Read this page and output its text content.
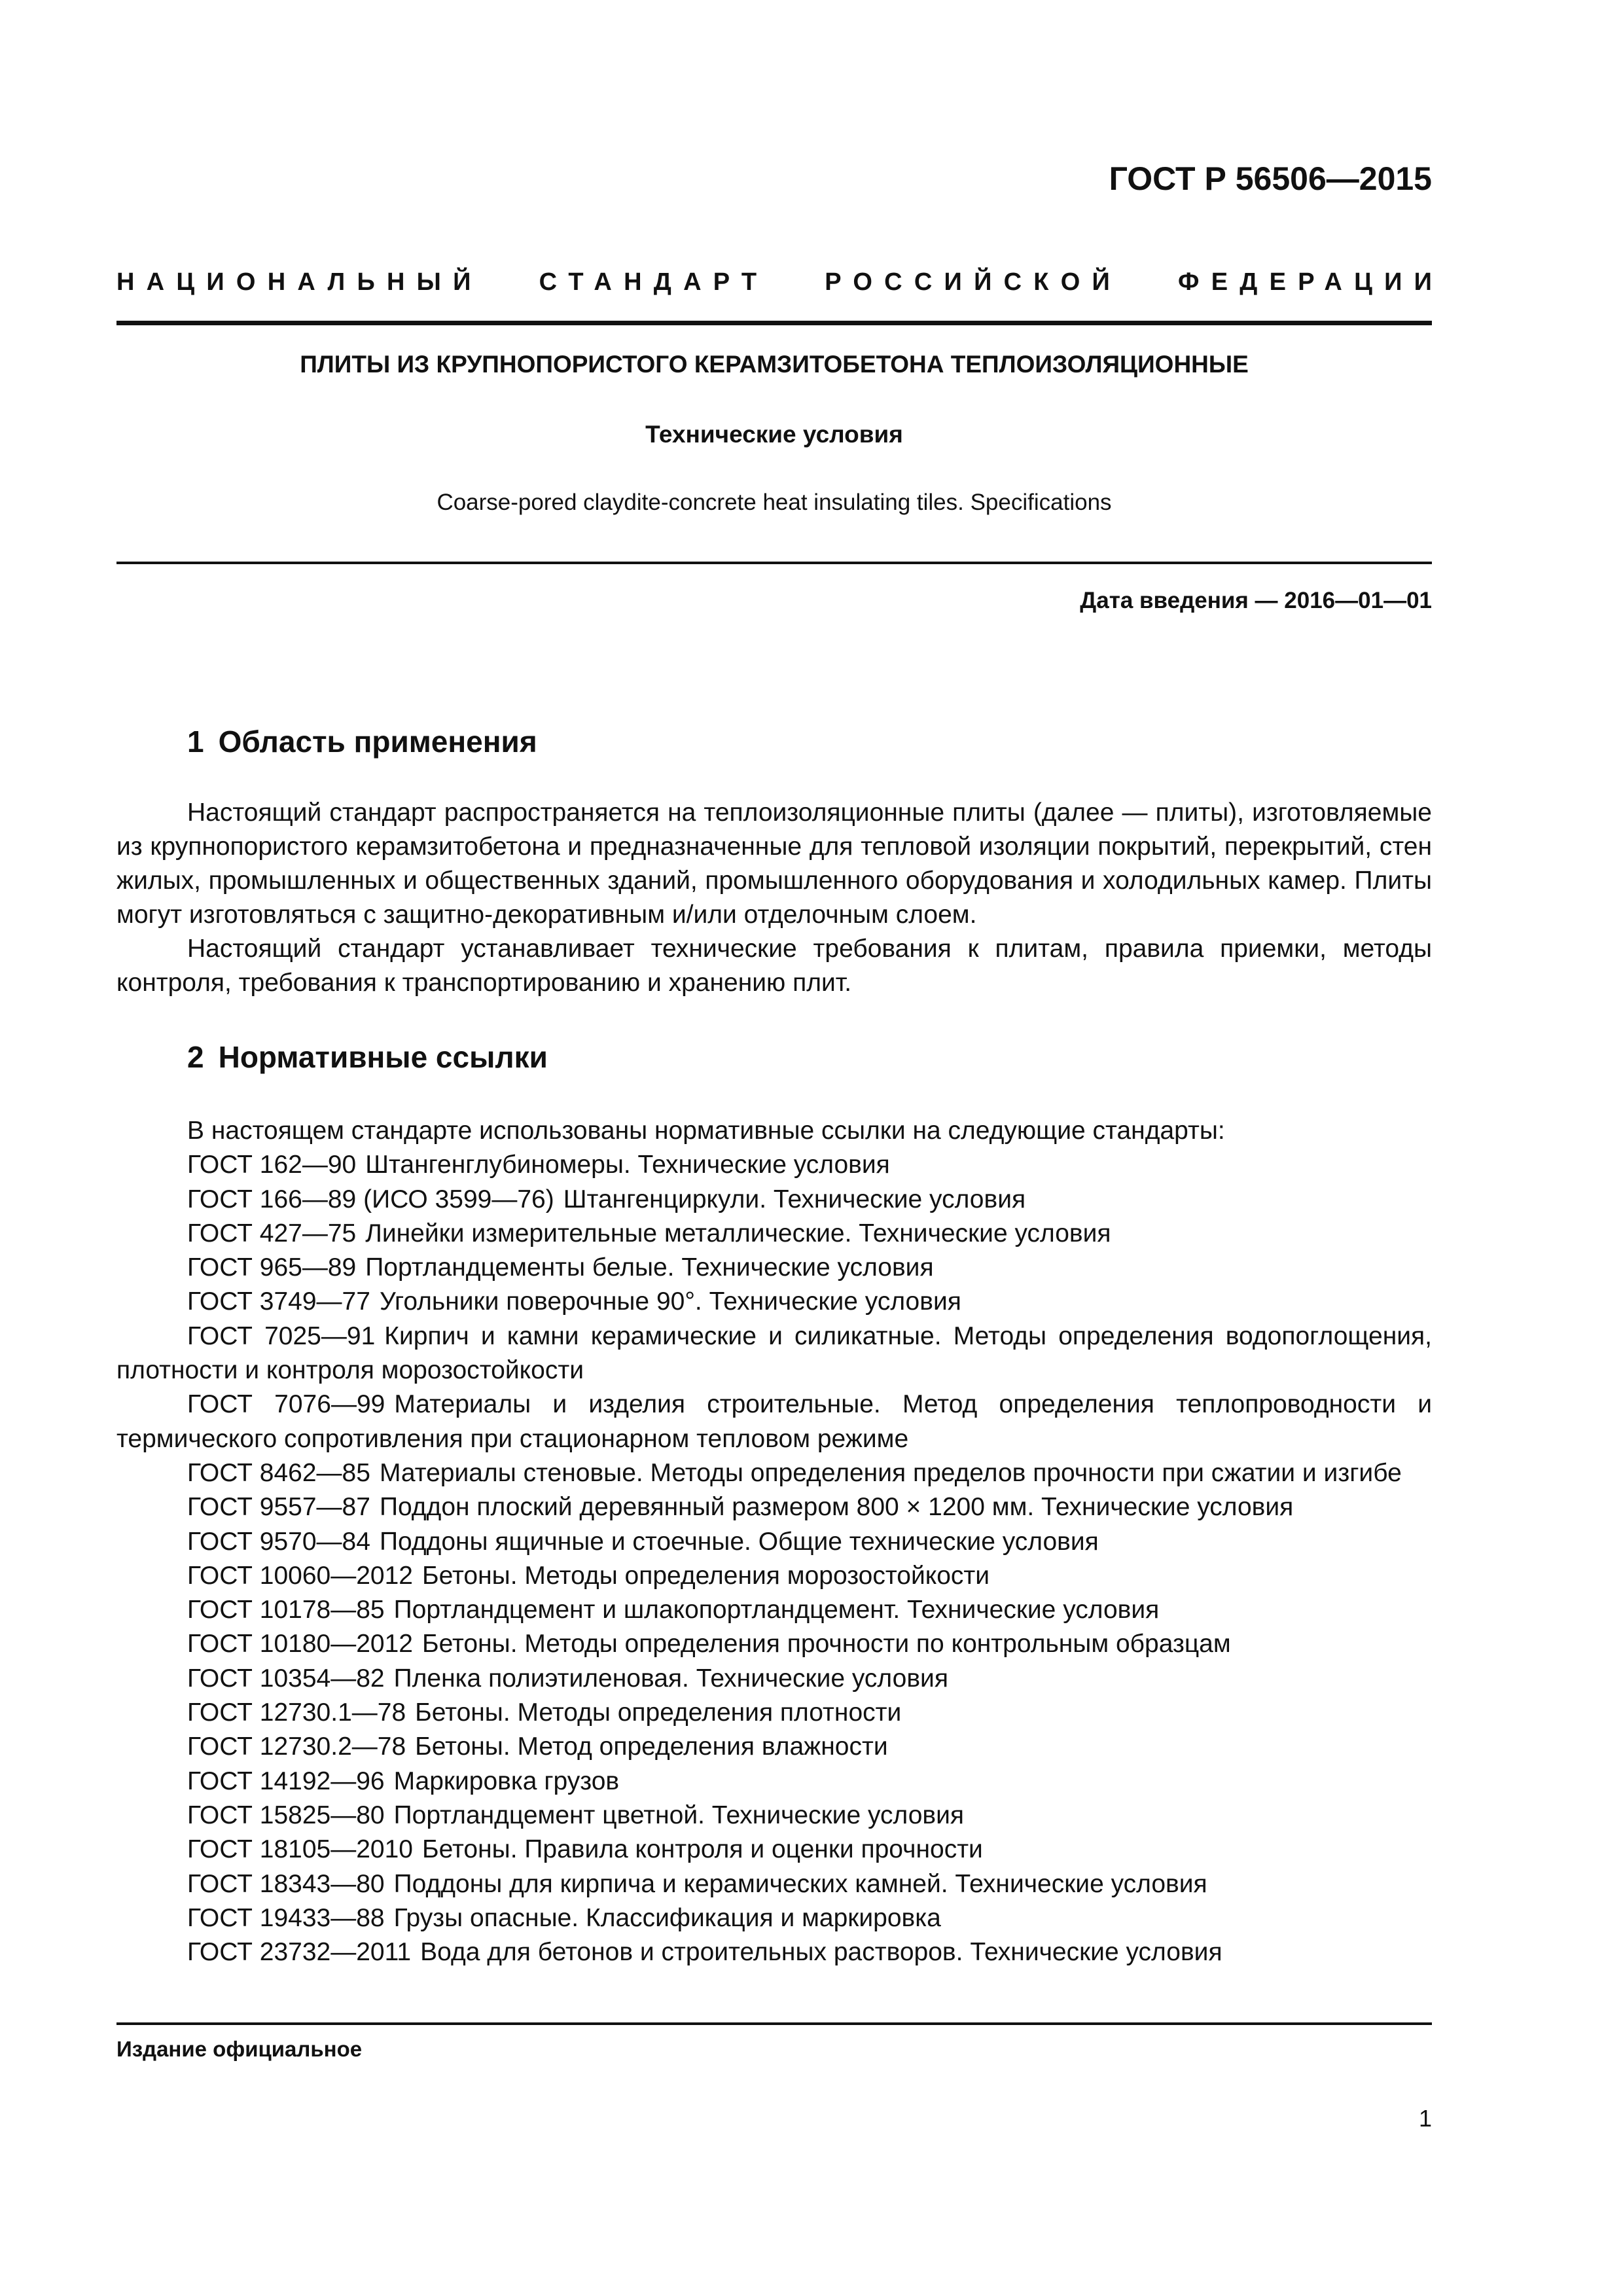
ГОСТ Р 56506—2015
НАЦИОНАЛЬНЫЙ СТАНДАРТ РОССИЙСКОЙ ФЕДЕРАЦИИ
ПЛИТЫ ИЗ КРУПНОПОРИСТОГО КЕРАМЗИТОБЕТОНА ТЕПЛОИЗОЛЯЦИОННЫЕ
Технические условия
Coarse-pored claydite-concrete heat insulating tiles. Specifications
Дата введения — 2016—01—01
1 Область применения

Настоящий стандарт распространяется на теплоизоляционные плиты (далее — плиты), изготовляемые из крупнопористого керамзитобетона и предназначенные для тепловой изоляции покрытий, перекрытий, стен жилых, промышленных и общественных зданий, промышленного оборудования и холодильных камер. Плиты могут изготовляться с защитно-декоративным и/или отделочным слоем.

Настоящий стандарт устанавливает технические требования к плитам, правила приемки, методы контроля, требования к транспортированию и хранению плит.

2 Нормативные ссылки
В настоящем стандарте использованы нормативные ссылки на следующие стандарты:
ГОСТ 162—90 Штангенглубиномеры. Технические условия
ГОСТ 166—89 (ИСО 3599—76) Штангенциркули. Технические условия
ГОСТ 427—75 Линейки измерительные металлические. Технические условия
ГОСТ 965—89 Портландцементы белые. Технические условия
ГОСТ 3749—77 Угольники поверочные 90°. Технические условия
ГОСТ 7025—91 Кирпич и камни керамические и силикатные. Методы определения водопоглощения, плотности и контроля морозостойкости
ГОСТ 7076—99 Материалы и изделия строительные. Метод определения теплопроводности и термического сопротивления при стационарном тепловом режиме
ГОСТ 8462—85 Материалы стеновые. Методы определения пределов прочности при сжатии и изгибе
ГОСТ 9557—87 Поддон плоский деревянный размером 800 × 1200 мм. Технические условия
ГОСТ 9570—84 Поддоны ящичные и стоечные. Общие технические условия
ГОСТ 10060—2012 Бетоны. Методы определения морозостойкости
ГОСТ 10178—85 Портландцемент и шлакопортландцемент. Технические условия
ГОСТ 10180—2012 Бетоны. Методы определения прочности по контрольным образцам
ГОСТ 10354—82 Пленка полиэтиленовая. Технические условия
ГОСТ 12730.1—78 Бетоны. Методы определения плотности
ГОСТ 12730.2—78 Бетоны. Метод определения влажности
ГОСТ 14192—96 Маркировка грузов
ГОСТ 15825—80 Портландцемент цветной. Технические условия
ГОСТ 18105—2010 Бетоны. Правила контроля и оценки прочности
ГОСТ 18343—80 Поддоны для кирпича и керамических камней. Технические условия
ГОСТ 19433—88 Грузы опасные. Классификация и маркировка
ГОСТ 23732—2011 Вода для бетонов и строительных растворов. Технические условия
Издание официальное
1
